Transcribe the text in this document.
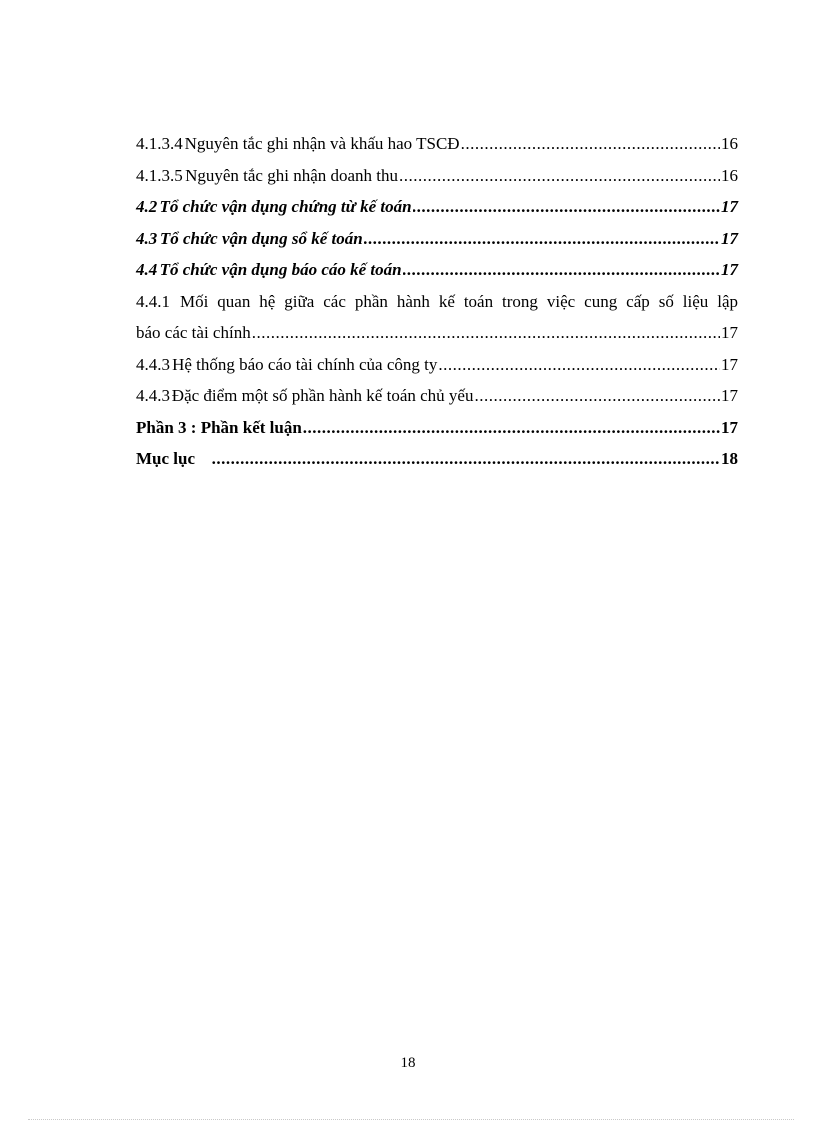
4.1.3.4 Nguyên tắc ghi nhận và khấu hao TSCĐ .....	16
4.1.3.5 Nguyên tắc ghi nhận doanh thu .....	16
4.2 Tổ chức vận dụng chứng từ kế toán .....	17
4.3 Tổ chức vận dụng sổ kế toán .....	17
4.4 Tổ chức vận dụng báo cáo kế toán .....	17
4.4.1 Mối quan hệ giữa các phần hành kế toán trong việc cung cấp số liệu lập
báo các tài chính .....	17
4.4.3 Hệ thống báo cáo tài chính của công ty .....	17
4.4.3 Đặc điểm một số phần hành kế toán chủ yếu .....	17
Phần 3 : Phần kết luận .....	17
Mục lục .....	18
18
